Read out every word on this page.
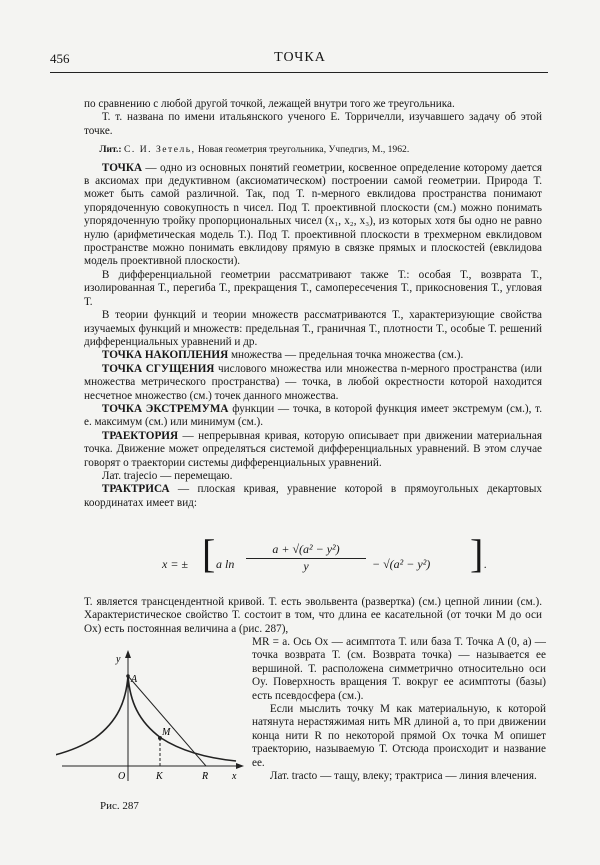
456	ТОЧКА

по сравнению с любой другой точкой, лежащей внутри того же треугольника.

Т. т. названа по имени итальянского ученого Е. Торричелли, изучавшего задачу об этой точке.

Лит.: С. И. Зетель, Новая геометрия треугольника, Учпедгиз, М., 1962.

ТОЧКА — одно из основных понятий геометрии, косвенное определение которому дается в аксиомах при дедуктивном (аксиоматическом) построении самой геометрии. Природа Т. может быть самой различной. Так, под Т. n-мерного евклидова пространства понимают упорядоченную совокупность n чисел. Под Т. проективной плоскости (см.) можно понимать упорядоченную тройку пропорциональных чисел (x₁, x₂, x₃), из которых хотя бы одно не равно нулю (арифметическая модель Т.). Под Т. проективной плоскости в трехмерном евклидовом пространстве можно понимать евклидову прямую в связке прямых и плоскостей (евклидова модель проективной плоскости).

В дифференциальной геометрии рассматривают также Т.: особая Т., возврата Т., изолированная Т., перегиба Т., прекращения Т., самопересечения Т., прикосновения Т., угловая Т.

В теории функций и теории множеств рассматриваются Т., характеризующие свойства изучаемых функций и множеств: предельная Т., граничная Т., плотности Т., особые Т. решений дифференциальных уравнений и др.

ТОЧКА НАКОПЛЕНИЯ множества — предельная точка множества (см.).

ТОЧКА СГУЩЕНИЯ числового множества или множества n-мерного пространства (или множества метрического пространства) — точка, в любой окрестности которой находится несчетное множество (см.) точек данного множества.

ТОЧКА ЭКСТРЕМУМА функции — точка, в которой функция имеет экстремум (см.), т. е. максимум (см.) или минимум (см.).

ТРАЕКТОРИЯ — непрерывная кривая, которую описывает при движении материальная точка. Движение может определяться системой дифференциальных уравнений. В этом случае говорят о траектории системы дифференциальных уравнений.

Лат. trajecio — перемещаю.

ТРАКТРИСА — плоская кривая, уравнение которой в прямоугольных декартовых координатах имеет вид:

x = ± [ a $\ln \frac{\text{a + √(a² − y²)}}{y} - √(a^2 - y^2)$ ] .
Т. является трансцендентной кривой. Т. есть эвольвента (развертка) (см.) цепной линии (см.). Характеристическое свойство Т. состоит в том, что длина ее касательной (от точки M до оси Ox) есть постоянная величина a (рис. 287),
y
A
M
O	K	R x
Рис. 287

MR = a. Ось Ox — асимптота Т. или база Т. Точка A (0, a) — точка возврата Т. (см. Возврата точка) — называется ее вершиной. Т. расположена симметрично относительно оси Oy. Поверхность вращения Т. вокруг ее асимптоты (базы) есть псевдосфера (см.).

Если мыслить точку M как материальную, к которой натянута нерастяжимая нить MR длиной a, то при движении конца нити R по некоторой прямой Ox точка M опишет траекторию, называемую Т. Отсюда происходит и название ее.

Лат. tracto — тащу, влеку; трактриса — линия влечения.
